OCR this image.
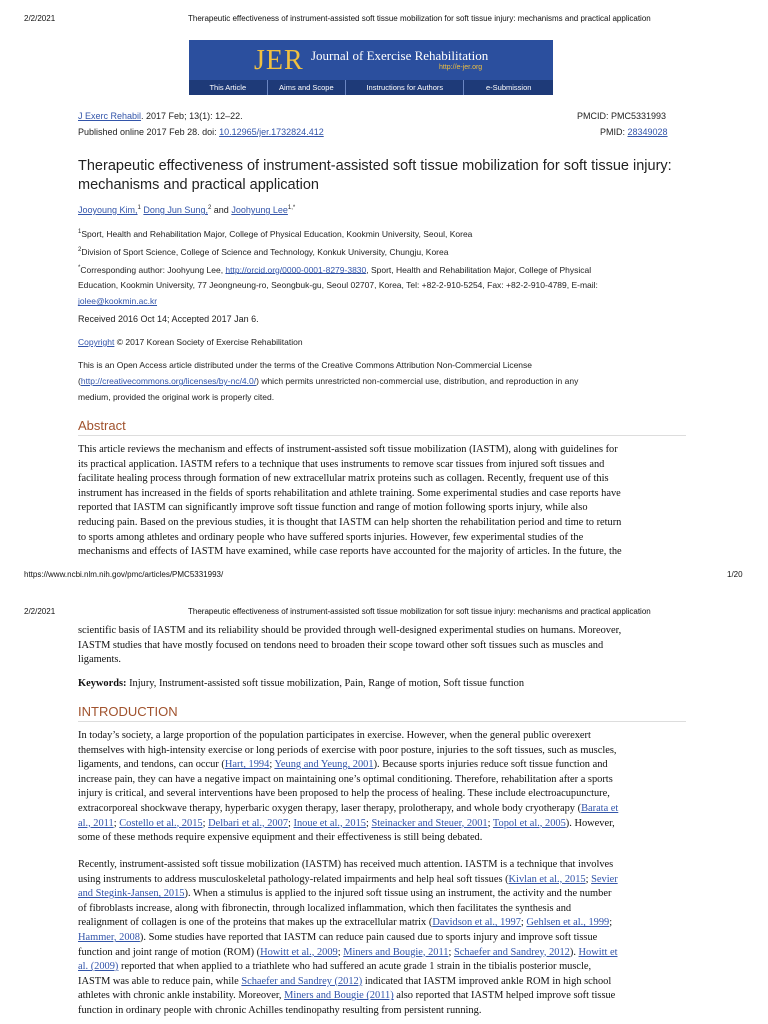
2/2/2021	Therapeutic effectiveness of instrument-assisted soft tissue mobilization for soft tissue injury: mechanisms and practical application
JER Journal of Exercise Rehabilitation
http://e-jer.org
This Article	Aims and Scope	Instructions for Authors	e-Submission
J Exerc Rehabil. 2017 Feb; 13(1): 12–22.
Published online 2017 Feb 28. doi: 10.12965/jer.1732824.412
PMCID: PMC5331993
PMID: 28349028
Therapeutic effectiveness of instrument-assisted soft tissue mobilization for soft tissue injury: mechanisms and practical application
Jooyoung Kim,$^1$ Dong Jun Sung,$^2$ and Joohyung Lee$^{1,*}$
$^1$Sport, Health and Rehabilitation Major, College of Physical Education, Kookmin University, Seoul, Korea
$^2$Division of Sport Science, College of Science and Technology, Konkuk University, Chungju, Korea
*Corresponding author: Joohyung Lee, http://orcid.org/0000-0001-8279-3830, Sport, Health and Rehabilitation Major, College of Physical
Education, Kookmin University, 77 Jeongneung-ro, Seongbuk-gu, Seoul 02707, Korea, Tel: +82-2-910-5254, Fax: +82-2-910-4789, E-mail:
jolee@kookmin.ac.kr
Received 2016 Oct 14; Accepted 2017 Jan 6.
Copyright © 2017 Korean Society of Exercise Rehabilitation
This is an Open Access article distributed under the terms of the Creative Commons Attribution Non-Commercial License
(http://creativecommons.org/licenses/by-nc/4.0/) which permits unrestricted non-commercial use, distribution, and reproduction in any
medium, provided the original work is properly cited.
Abstract
This article reviews the mechanism and effects of instrument-assisted soft tissue mobilization (IASTM), along with guidelines for
its practical application. IASTM refers to a technique that uses instruments to remove scar tissues from injured soft tissues and
facilitate healing process through formation of new extracellular matrix proteins such as collagen. Recently, frequent use of this
instrument has increased in the fields of sports rehabilitation and athlete training. Some experimental studies and case reports have
reported that IASTM can significantly improve soft tissue function and range of motion following sports injury, while also
reducing pain. Based on the previous studies, it is thought that IASTM can help shorten the rehabilitation period and time to return
to sports among athletes and ordinary people who have suffered sports injuries. However, few experimental studies of the
mechanisms and effects of IASTM have examined, while case reports have accounted for the majority of articles. In the future, the
https://www.ncbi.nlm.nih.gov/pmc/articles/PMC5331993/	1/20
2/2/2021	Therapeutic effectiveness of instrument-assisted soft tissue mobilization for soft tissue injury: mechanisms and practical application
scientific basis of IASTM and its reliability should be provided through well-designed experimental studies on humans. Moreover,
IASTM studies that have mostly focused on tendons need to broaden their scope toward other soft tissues such as muscles and
ligaments.
Keywords: Injury, Instrument-assisted soft tissue mobilization, Pain, Range of motion, Soft tissue function
INTRODUCTION
In today’s society, a large proportion of the population participates in exercise. However, when the general public overexert
themselves with high-intensity exercise or long periods of exercise with poor posture, injuries to the soft tissues, such as muscles,
ligaments, and tendons, can occur (Hart, 1994; Yeung and Yeung, 2001). Because sports injuries reduce soft tissue function and
increase pain, they can have a negative impact on maintaining one’s optimal conditioning. Therefore, rehabilitation after a sports
injury is critical, and several interventions have been proposed to help the process of healing. These include electroacupuncture,
extracorporeal shockwave therapy, hyperbaric oxygen therapy, laser therapy, prolotherapy, and whole body cryotherapy (Barata et
al., 2011; Costello et al., 2015; Delbari et al., 2007; Inoue et al., 2015; Steinacker and Steuer, 2001; Topol et al., 2005). However,
some of these methods require expensive equipment and their effectiveness is still being debated.
Recently, instrument-assisted soft tissue mobilization (IASTM) has received much attention. IASTM is a technique that involves
using instruments to address musculoskeletal pathology-related impairments and help heal soft tissues (Kivlan et al., 2015; Sevier
and Stegink-Jansen, 2015). When a stimulus is applied to the injured soft tissue using an instrument, the activity and the number
of fibroblasts increase, along with fibronectin, through localized inflammation, which then facilitates the synthesis and
realignment of collagen is one of the proteins that makes up the extracellular matrix (Davidson et al., 1997; Gehlsen et al., 1999;
Hammer, 2008). Some studies have reported that IASTM can reduce pain caused due to sports injury and improve soft tissue
function and joint range of motion (ROM) (Howitt et al., 2009; Miners and Bougie, 2011; Schaefer and Sandrey, 2012). Howitt et
al. (2009) reported that when applied to a triathlete who had suffered an acute grade 1 strain in the tibialis posterior muscle,
IASTM was able to reduce pain, while Schaefer and Sandrey (2012) indicated that IASTM improved ankle ROM in high school
athletes with chronic ankle instability. Moreover, Miners and Bougie (2011) also reported that IASTM helped improve soft tissue
function in ordinary people with chronic Achilles tendinopathy resulting from persistent running.
